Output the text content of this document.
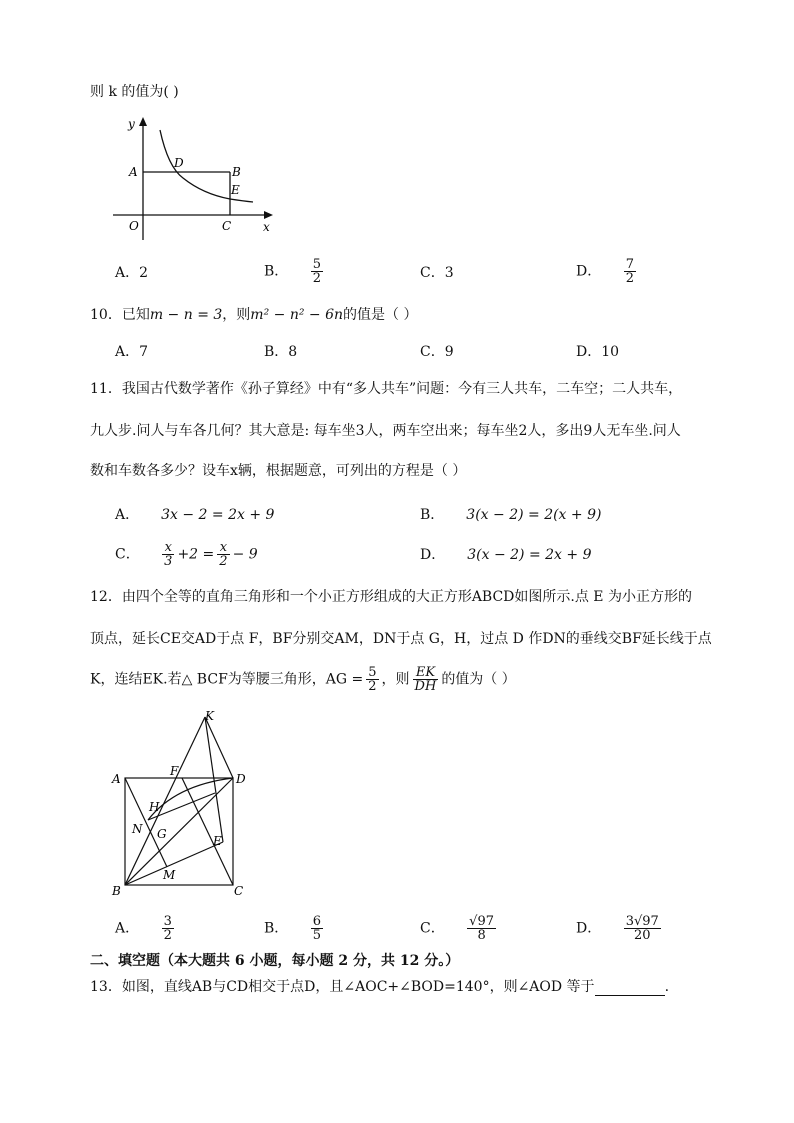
则 k 的值为( )
y
x
O
A
D
B
E
C
A．2	B． $\frac{5}{2}$	C．3	D． $\frac{7}{2}$
10．已知m − n = 3，则m² − n² − 6n的值是（ ）
A．7	B．8	C．9	D．10
11．我国古代数学著作《孙子算经》中有“多人共车”问题：今有三人共车，二车空；二人共车，
九人步.问人与车各几何？其大意是: 每车坐3人，两车空出来；每车坐2人，多出9人无车坐.问人
数和车数各多少？设车x辆，根据题意，可列出的方程是（ ）
A． 3x − 2 = 2x + 9	B． 3(x − 2) = 2(x + 9)
C． $\frac{x}{3} +2 = \frac{x}{2} - 9$	D． 3(x − 2) = 2x + 9
12．由四个全等的直角三角形和一个小正方形组成的大正方形ABCD如图所示.点 E 为小正方形的
顶点，延长CE交AD于点 F，BF分别交AM，DN于点 G，H，过点 D 作DN的垂线交BF延长线于点
K，连结EK.若△ BCF为等腰三角形，AG = $\frac{5}{2}$ ，则 $\frac{EK}{DH}$ 的值为（ ）
K
A
F
D
H
N G	E
M
B	C
A． $\frac{3}{2}$	B． $\frac{6}{5}$	C． $\frac{√97}{8}$	D． $\frac{3√97}{20}$
二、填空题（本大题共 6 小题，每小题 2 分，共 12 分。）
13．如图，直线AB与CD相交于点D，且∠AOC+∠BOD=140°，则∠AOD 等于	.
